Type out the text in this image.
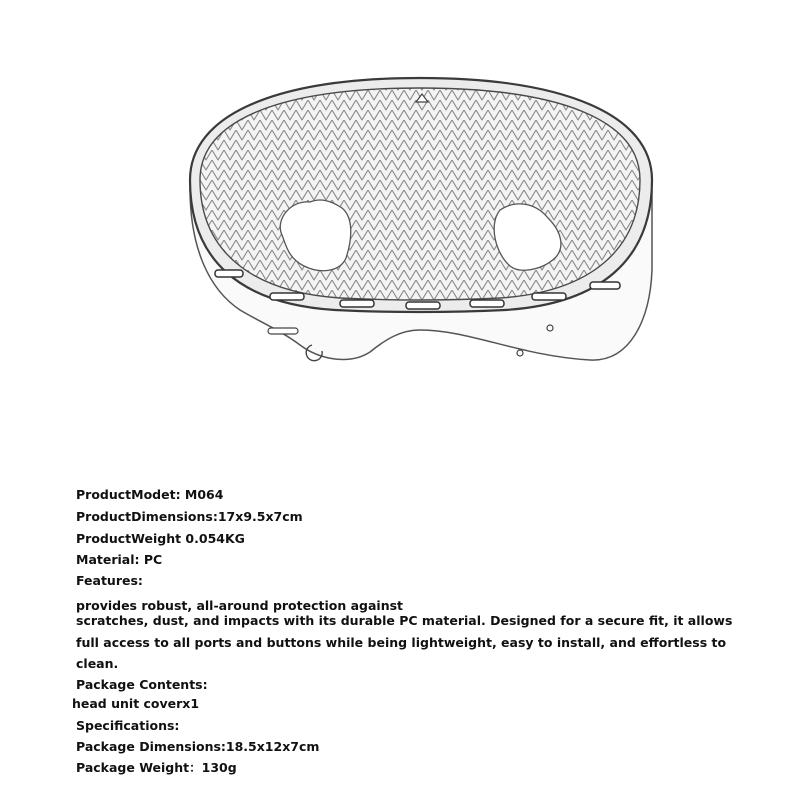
ProductModet: M064
ProductDimensions:17x9.5x7cm
ProductWeight 0.054KG
Material: PC
Features:
provides robust, all-around protection against
scratches, dust, and impacts with its durable PC material. Designed for a secure fit, it allows
full access to all ports and buttons while being lightweight, easy to install, and effortless to
clean.
Package Contents:
head unit coverx1
Specifications:
Package Dimensions:18.5x12x7cm
Package Weight：130g
